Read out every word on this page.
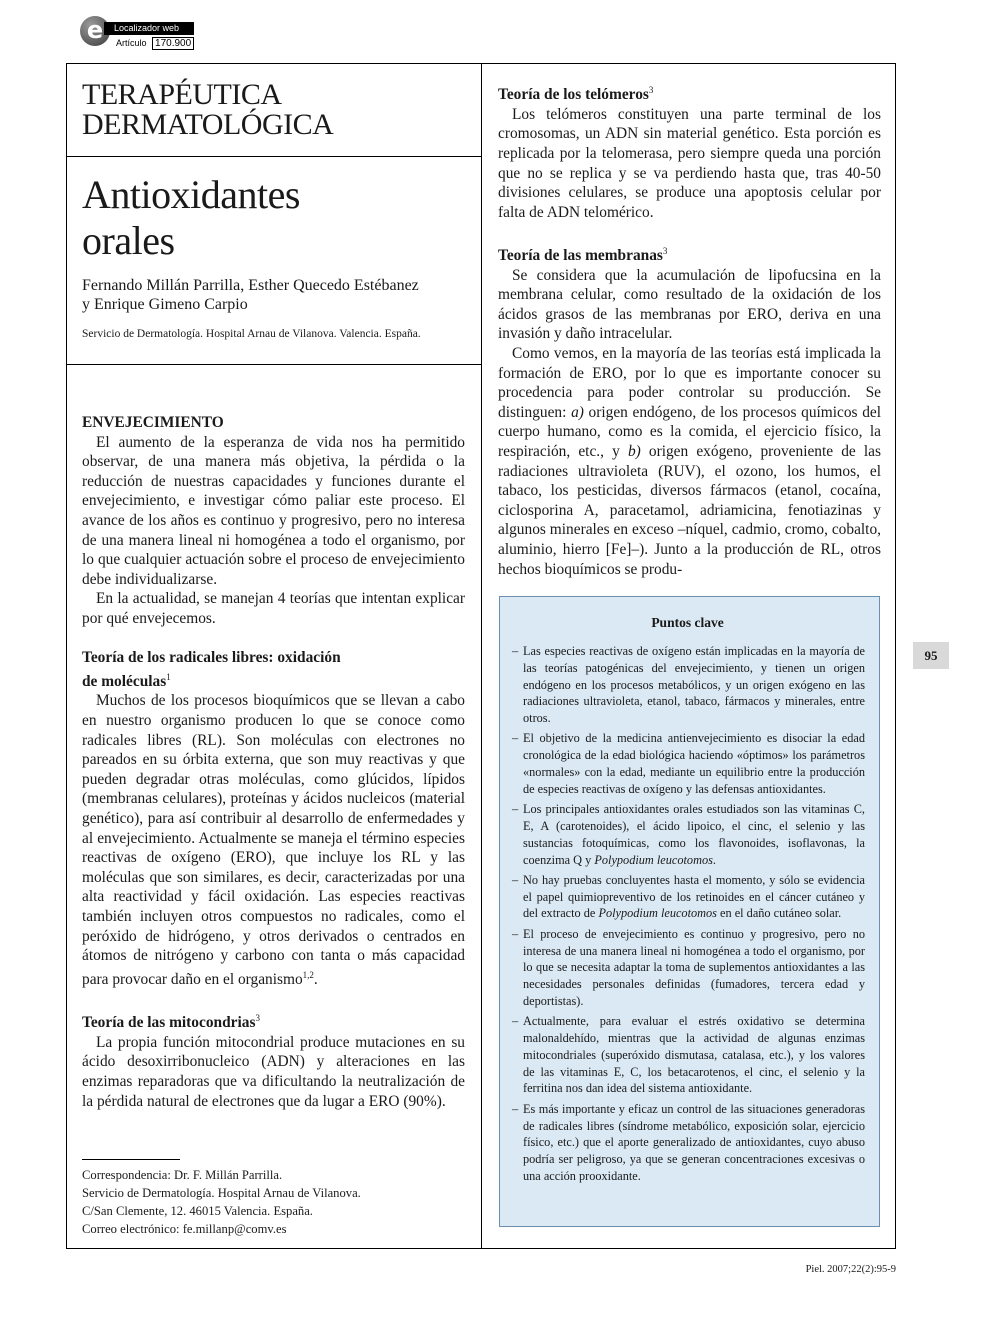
e	Localizador web
Artículo 170.900
TERAPÉUTICA
DERMATOLÓGICA
Antioxidantes
orales
Fernando Millán Parrilla, Esther Quecedo Estébanez
y Enrique Gimeno Carpio
Servicio de Dermatología. Hospital Arnau de Vilanova. Valencia. España.
ENVEJECIMIENTO

El aumento de la esperanza de vida nos ha permitido observar, de una manera más objetiva, la pérdida o la reducción de nuestras capacidades y funciones durante el envejecimiento, e investigar cómo paliar este proceso. El avance de los años es continuo y progresivo, pero no interesa de una manera lineal ni homogénea a todo el organismo, por lo que cualquier actuación sobre el proceso de envejecimiento debe individualizarse.

En la actualidad, se manejan 4 teorías que intentan explicar por qué envejecemos.

Teoría de los radicales libres: oxidación
de moléculas$^1$

Muchos de los procesos bioquímicos que se llevan a cabo en nuestro organismo producen lo que se conoce como radicales libres (RL). Son moléculas con electrones no pareados en su órbita externa, que son muy reactivas y que pueden degradar otras moléculas, como glúcidos, lípidos (membranas celulares), proteínas y ácidos nucleicos (material genético), para así contribuir al desarrollo de enfermedades y al envejecimiento. Actualmente se maneja el término especies reactivas de oxígeno (ERO), que incluye los RL y las moléculas que son similares, es decir, caracterizadas por una alta reactividad y fácil oxidación. Las especies reactivas también incluyen otros compuestos no radicales, como el peróxido de hidrógeno, y otros derivados o centrados en átomos de nitrógeno y carbono con tanta o más capacidad para provocar daño en el organismo$^{1,2}$.

Teoría de las mitocondrias$^3$

La propia función mitocondrial produce mutaciones en su ácido desoxirribonucleico (ADN) y alteraciones en las enzimas reparadoras que va dificultando la neutralización de la pérdida natural de electrones que da lugar a ERO (90%).

Correspondencia: Dr. F. Millán Parrilla.
Servicio de Dermatología. Hospital Arnau de Vilanova.
C/San Clemente, 12. 46015 Valencia. España.
Correo electrónico: fe.millanp@comv.es
Teoría de los telómeros$^3$

Los telómeros constituyen una parte terminal de los cromosomas, un ADN sin material genético. Esta porción es replicada por la telomerasa, pero siempre queda una porción que no se replica y se va perdiendo hasta que, tras 40-50 divisiones celulares, se produce una apoptosis celular por falta de ADN telomérico.

Teoría de las membranas$^3$

Se considera que la acumulación de lipofucsina en la membrana celular, como resultado de la oxidación de los ácidos grasos de las membranas por ERO, deriva en una invasión y daño intracelular.

Como vemos, en la mayoría de las teorías está implicada la formación de ERO, por lo que es importante conocer su procedencia para poder controlar su producción. Se distinguen: a) origen endógeno, de los procesos químicos del cuerpo humano, como es la comida, el ejercicio físico, la respiración, etc., y b) origen exógeno, proveniente de las radiaciones ultravioleta (RUV), el ozono, los humos, el tabaco, los pesticidas, diversos fármacos (etanol, cocaína, ciclosporina A, paracetamol, adriamicina, fenotiazinas y algunos minerales en exceso –níquel, cadmio, cromo, cobalto, aluminio, hierro [Fe]–). Junto a la producción de RL, otros hechos bioquímicos se produ-

Puntos clave
– Las especies reactivas de oxígeno están implicadas en la mayoría de las teorías patogénicas del envejecimiento, y tienen un origen endógeno en los procesos metabólicos, y un origen exógeno en las radiaciones ultravioleta, etanol, tabaco, fármacos y minerales, entre otros.
– El objetivo de la medicina antienvejecimiento es disociar la edad cronológica de la edad biológica haciendo «óptimos» los parámetros «normales» con la edad, mediante un equilibrio entre la producción de especies reactivas de oxígeno y las defensas antioxidantes.
– Los principales antioxidantes orales estudiados son las vitaminas C, E, A (carotenoides), el ácido lipoico, el cinc, el selenio y las sustancias fotoquímicas, como los flavonoides, isoflavonas, la coenzima Q y Polypodium leucotomos.
– No hay pruebas concluyentes hasta el momento, y sólo se evidencia el papel quimiopreventivo de los retinoides en el cáncer cutáneo y del extracto de Polypodium leucotomos en el daño cutáneo solar.
– El proceso de envejecimiento es continuo y progresivo, pero no interesa de una manera lineal ni homogénea a todo el organismo, por lo que se necesita adaptar la toma de suplementos antioxidantes a las necesidades personales definidas (fumadores, tercera edad y deportistas).
– Actualmente, para evaluar el estrés oxidativo se determina malonaldehído, mientras que la actividad de algunas enzimas mitocondriales (superóxido dismutasa, catalasa, etc.), y los valores de las vitaminas E, C, los betacarotenos, el cinc, el selenio y la ferritina nos dan idea del sistema antioxidante.
– Es más importante y eficaz un control de las situaciones generadoras de radicales libres (síndrome metabólico, exposición solar, ejercicio físico, etc.) que el aporte generalizado de antioxidantes, cuyo abuso podría ser peligroso, ya que se generan concentraciones excesivas o una acción prooxidante.
95
Piel. 2007;22(2):95-9
